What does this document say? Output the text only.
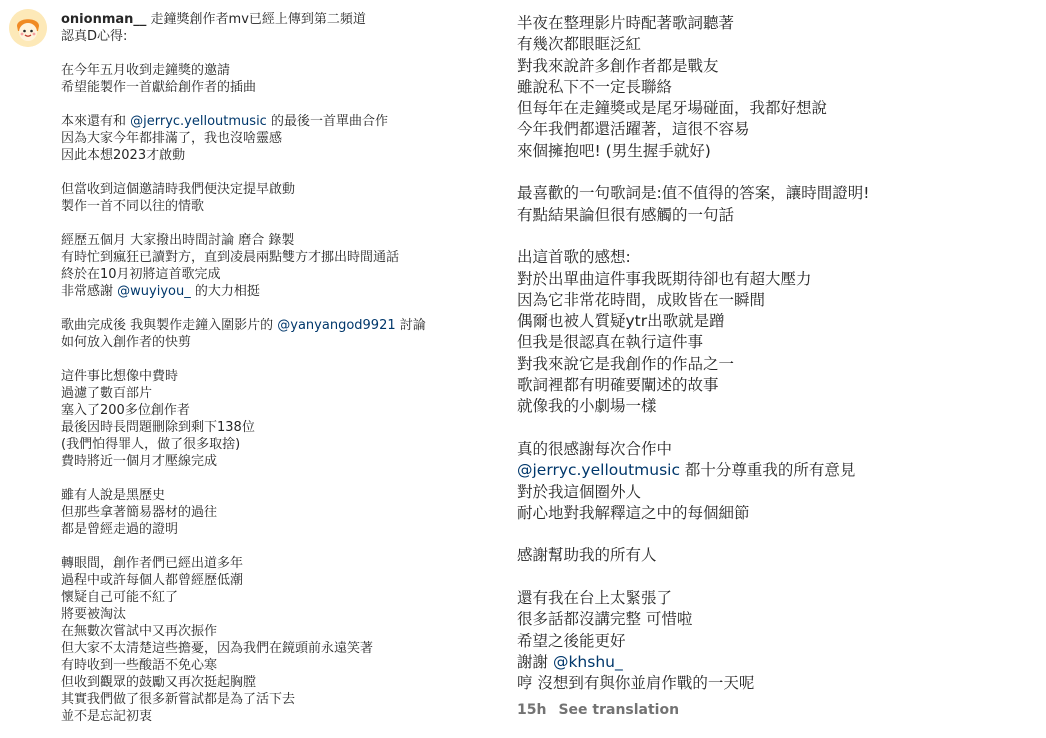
onionman__ 走鐘獎創作者mv已經上傳到第二頻道
認真D心得:
在今年五月收到走鐘獎的邀請
希望能製作一首獻給創作者的插曲
本來還有和 @jerryc.yelloutmusic 的最後一首單曲合作
因為大家今年都排滿了，我也沒啥靈感
因此本想2023才啟動
但當收到這個邀請時我們便決定提早啟動
製作一首不同以往的情歌
經歷五個月 大家撥出時間討論 磨合 錄製
有時忙到瘋狂已讀對方，直到凌晨兩點雙方才挪出時間通話
終於在10月初將這首歌完成
非常感謝 @wuyiyou_ 的大力相挺
歌曲完成後 我與製作走鐘入圍影片的 @yanyangod9921 討論
如何放入創作者的快剪
這件事比想像中費時
過濾了數百部片
塞入了200多位創作者
最後因時長問題刪除到剩下138位
(我們怕得罪人，做了很多取捨)
費時將近一個月才壓線完成
雖有人說是黑歷史
但那些拿著簡易器材的過往
都是曾經走過的證明
轉眼間，創作者們已經出道多年
過程中或許每個人都曾經歷低潮
懷疑自己可能不紅了
將要被淘汰
在無數次嘗試中又再次振作
但大家不太清楚這些擔憂，因為我們在鏡頭前永遠笑著
有時收到一些酸語不免心寒
但收到觀眾的鼓勵又再次挺起胸膛
其實我們做了很多新嘗試都是為了活下去
並不是忘記初衷
半夜在整理影片時配著歌詞聽著
有幾次都眼眶泛紅
對我來說許多創作者都是戰友
雖說私下不一定長聯絡
但每年在走鐘獎或是尾牙場碰面，我都好想說
今年我們都還活躍著，這很不容易
來個擁抱吧! (男生握手就好)
最喜歡的一句歌詞是:值不值得的答案，讓時間證明!
有點結果論但很有感觸的一句話
出這首歌的感想:
對於出單曲這件事我既期待卻也有超大壓力
因為它非常花時間，成敗皆在一瞬間
偶爾也被人質疑ytr出歌就是蹭
但我是很認真在執行這件事
對我來說它是我創作的作品之一
歌詞裡都有明確要闡述的故事
就像我的小劇場一樣
真的很感謝每次合作中
@jerryc.yelloutmusic 都十分尊重我的所有意見
對於我這個圈外人
耐心地對我解釋這之中的每個細節
感謝幫助我的所有人
還有我在台上太緊張了
很多話都沒講完整 可惜啦
希望之後能更好
謝謝 @khshu_
哼 沒想到有與你並肩作戰的一天呢
15h See translation
